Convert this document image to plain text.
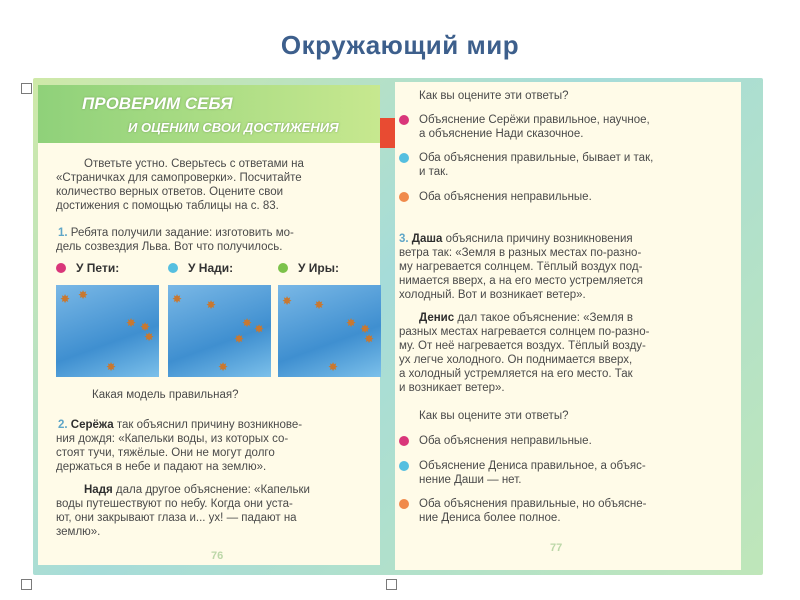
Окружающий мир
ПРОВЕРИМ СЕБЯ
И ОЦЕНИМ СВОИ ДОСТИЖЕНИЯ
Ответьте устно. Сверьтесь с ответами на
«Страничках для самопроверки». Посчитайте
количество верных ответов. Оцените свои
достижения с помощью таблицы на с. 83.
1. Ребята получили задание: изготовить мо-
дель созвездия Льва. Вот что получилось.
У Пети:	У Нади:	У Иры:
✸ ✸
✸ ✸
✸
✸
✸ ✸
✸ ✸
✸
✸
✸ ✸
✸ ✸
✸
✸
Какая модель правильная?
2. Серёжа так объяснил причину возникнове-
ния дождя: «Капельки воды, из которых со-
стоят тучи, тяжёлые. Они не могут долго
держаться в небе и падают на землю».
Надя дала другое объяснение: «Капельки
воды путешествуют по небу. Когда они уста-
ют, они закрывают глаза и... ух! — падают на
землю».
76
Как вы оцените эти ответы?
Объяснение Серёжи правильное, научное,
а объяснение Нади сказочное.
Оба объяснения правильные, бывает и так,
и так.
Оба объяснения неправильные.
3. Даша объяснила причину возникновения
ветра так: «Земля в разных местах по-разно-
му нагревается солнцем. Тёплый воздух под-
нимается вверх, а на его место устремляется
холодный. Вот и возникает ветер».
Денис дал такое объяснение: «Земля в
разных местах нагревается солнцем по-разно-
му. От неё нагревается воздух. Тёплый возду-
ух легче холодного. Он поднимается вверх,
а холодный устремляется на его место. Так
и возникает ветер».
Как вы оцените эти ответы?
Оба объяснения неправильные.
Объяснение Дениса правильное, а объяс-
нение Даши — нет.
Оба объяснения правильные, но объясне-
ние Дениса более полное.
77
